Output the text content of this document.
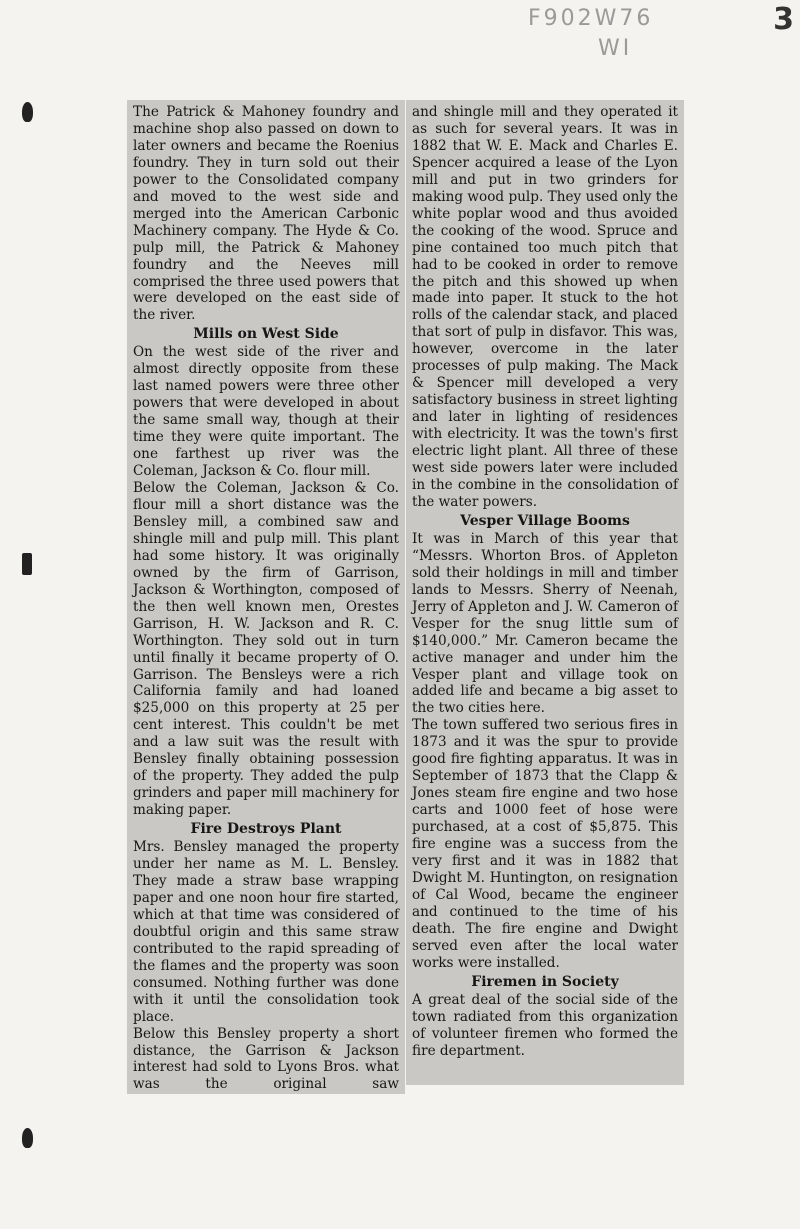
F902W76
WI
3

The Patrick & Mahoney foundry and machine shop also passed on down to later owners and became the Roenius foundry. They in turn sold out their power to the Consolidated company and moved to the west side and merged into the American Carbonic Machinery company. The Hyde & Co. pulp mill, the Patrick & Mahoney foundry and the Neeves mill comprised the three used powers that were developed on the east side of the river.

Mills on West Side

On the west side of the river and almost directly opposite from these last named powers were three other powers that were developed in about the same small way, though at their time they were quite important. The one farthest up river was the Coleman, Jackson & Co. flour mill.

Below the Coleman, Jackson & Co. flour mill a short distance was the Bensley mill, a combined saw and shingle mill and pulp mill. This plant had some history. It was originally owned by the firm of Garrison, Jackson & Worthington, composed of the then well known men, Orestes Garrison, H. W. Jackson and R. C. Worthington. They sold out in turn until finally it became property of O. Garrison. The Bensleys were a rich California family and had loaned $25,000 on this property at 25 per cent interest. This couldn't be met and a law suit was the result with Bensley finally obtaining possession of the property. They added the pulp grinders and paper mill machinery for making paper.

Fire Destroys Plant

Mrs. Bensley managed the property under her name as M. L. Bensley. They made a straw base wrapping paper and one noon hour fire started, which at that time was considered of doubtful origin and this same straw contributed to the rapid spreading of the flames and the property was soon consumed. Nothing further was done with it until the consolidation took place.

Below this Bensley property a short distance, the Garrison & Jackson interest had sold to Lyons Bros. what was the original saw

and shingle mill and they operated it as such for several years. It was in 1882 that W. E. Mack and Charles E. Spencer acquired a lease of the Lyon mill and put in two grinders for making wood pulp. They used only the white poplar wood and thus avoided the cooking of the wood. Spruce and pine contained too much pitch that had to be cooked in order to remove the pitch and this showed up when made into paper. It stuck to the hot rolls of the calendar stack, and placed that sort of pulp in disfavor. This was, however, overcome in the later processes of pulp making. The Mack & Spencer mill developed a very satisfactory business in street lighting and later in lighting of residences with electricity. It was the town's first electric light plant. All three of these west side powers later were included in the combine in the consolidation of the water powers.

Vesper Village Booms

It was in March of this year that “Messrs. Whorton Bros. of Appleton sold their holdings in mill and timber lands to Messrs. Sherry of Neenah, Jerry of Appleton and J. W. Cameron of Vesper for the snug little sum of $140,000.” Mr. Cameron became the active manager and under him the Vesper plant and village took on added life and became a big asset to the two cities here.

The town suffered two serious fires in 1873 and it was the spur to provide good fire fighting apparatus. It was in September of 1873 that the Clapp & Jones steam fire engine and two hose carts and 1000 feet of hose were purchased, at a cost of $5,875. This fire engine was a success from the very first and it was in 1882 that Dwight M. Huntington, on resignation of Cal Wood, became the engineer and continued to the time of his death. The fire engine and Dwight served even after the local water works were installed.

Firemen in Society

A great deal of the social side of the town radiated from this organization of volunteer firemen who formed the fire department.
